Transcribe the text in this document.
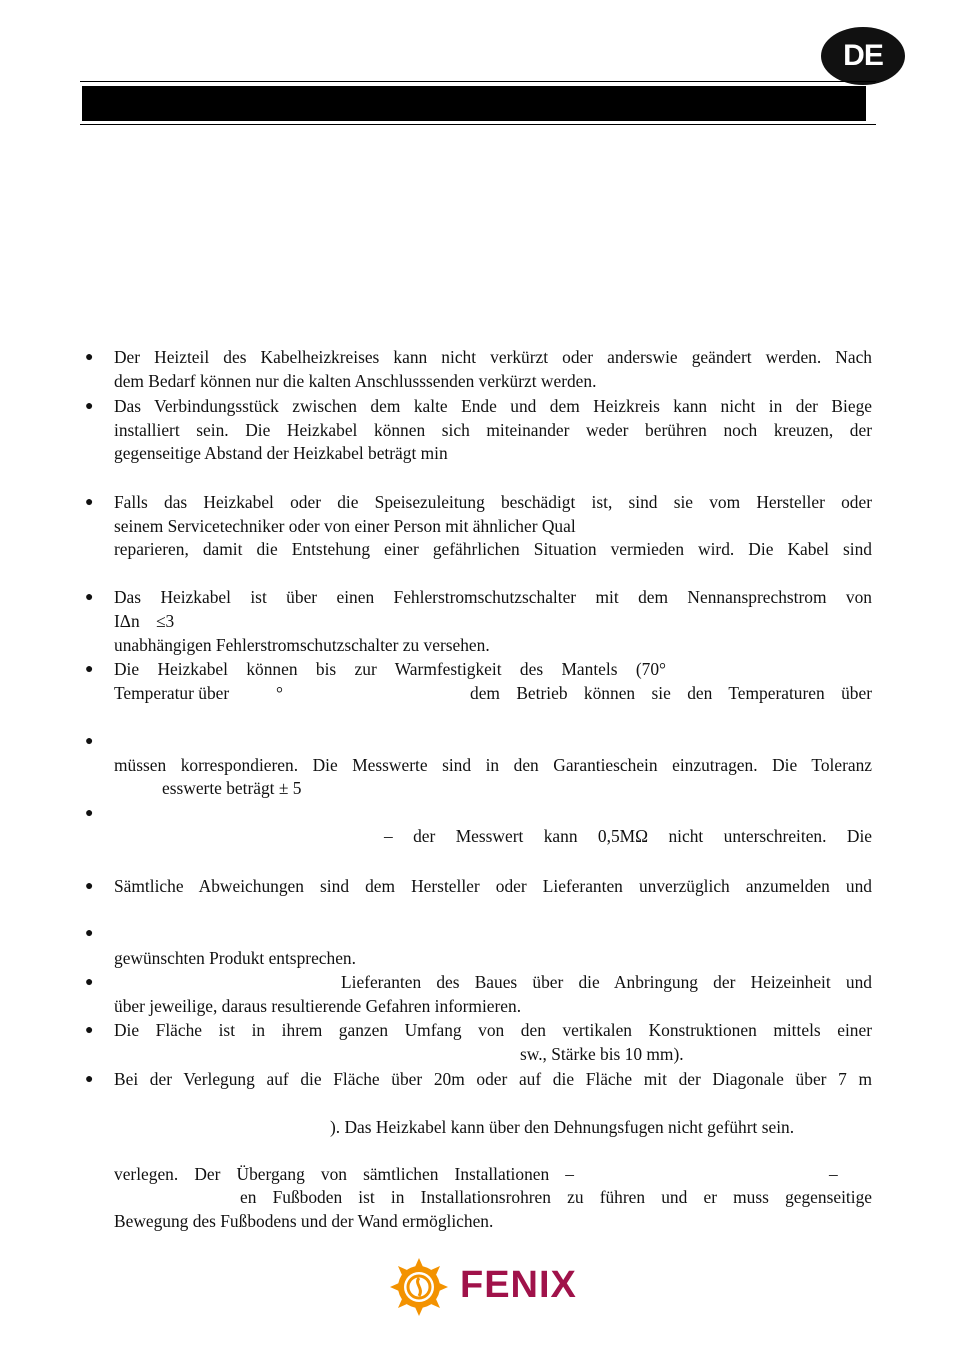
DE
●
●
●
●
●
●
●
●
●
●
●
●
Der Heizteil des Kabelheizkreises kann nicht verkürzt oder anderswie geändert werden. Nach
dem Bedarf können nur die kalten Anschlusssenden verkürzt werden.
Das Verbindungsstück zwischen dem kalte Ende und dem Heizkreis kann nicht in der Biege
installiert sein. Die Heizkabel können sich miteinander weder berühren noch kreuzen, der
gegenseitige Abstand der Heizkabel beträgt min
Falls das Heizkabel oder die Speisezuleitung beschädigt ist, sind sie vom Hersteller oder
seinem Servicetechniker oder von einer Person mit ähnlicher Qual
reparieren, damit die Entstehung einer gefährlichen Situation vermieden wird. Die Kabel sind
Das Heizkabel ist über einen Fehlerstromschutzschalter mit dem Nennansprechstrom von
IΔn ≤3
unabhängigen Fehlerstromschutzschalter zu versehen.
Die Heizkabel können bis zur Warmfestigkeit des Mantels (70°
Temperatur über	°	dem Betrieb können sie den Temperaturen über
müssen korrespondieren. Die Messwerte sind in den Garantieschein einzutragen. Die Toleranz
esswerte beträgt ± 5
– der Messwert kann 0,5MΩ nicht unterschreiten. Die
Sämtliche Abweichungen sind dem Hersteller oder Lieferanten unverzüglich anzumelden und
gewünschten Produkt entsprechen.
Lieferanten des Baues über die Anbringung der Heizeinheit und
über jeweilige, daraus resultierende Gefahren informieren.
Die Fläche ist in ihrem ganzen Umfang von den vertikalen Konstruktionen mittels einer
sw., Stärke bis 10 mm).
Bei der Verlegung auf die Fläche über 20m oder auf die Fläche mit der Diagonale über 7 m
). Das Heizkabel kann über den Dehnungsfugen nicht geführt sein.
verlegen. Der Übergang von sämtlichen Installationen –	–
en Fußboden ist in Installationsrohren zu führen und er muss gegenseitige
Bewegung des Fußbodens und der Wand ermöglichen.
FENIX
